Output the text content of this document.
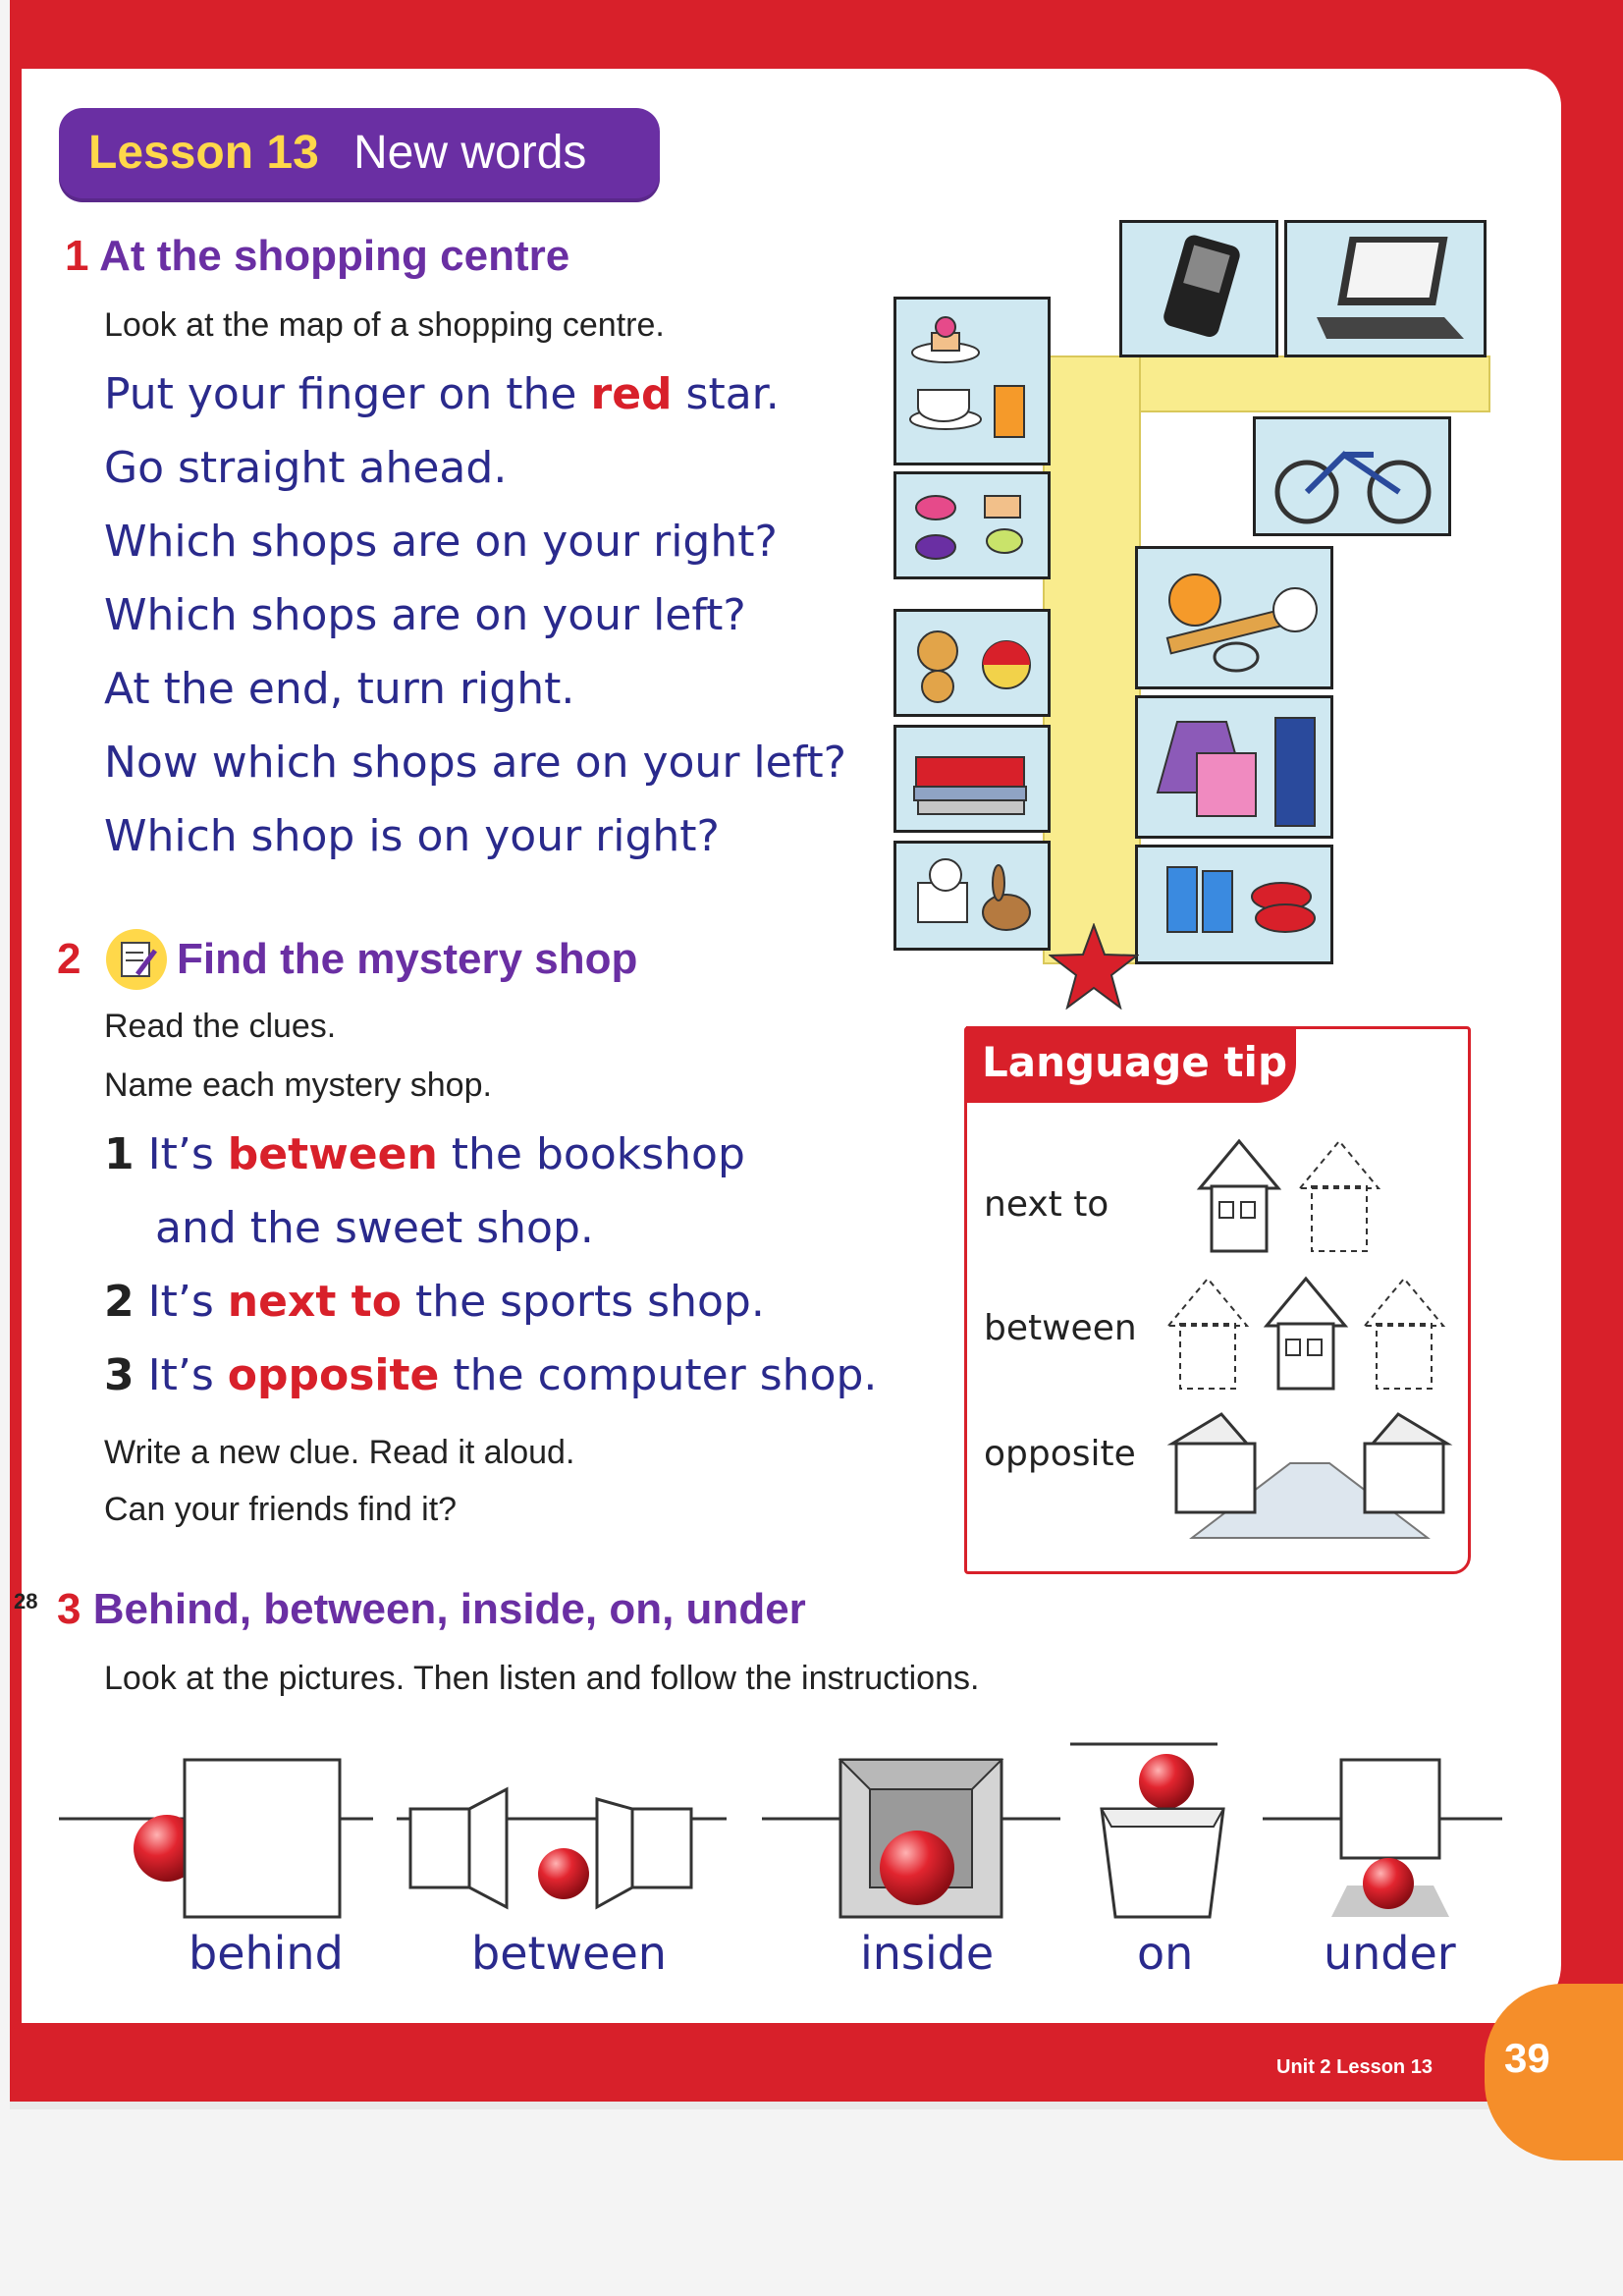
Lesson 13 New words
1 At the shopping centre
Look at the map of a shopping centre.
Put your finger on the red star.
Go straight ahead.
Which shops are on your right?
Which shops are on your left?
At the end, turn right.
Now which shops are on your left?
Which shop is on your right?
2 Find the mystery shop
Read the clues.
Name each mystery shop.
1 It’s between the bookshop
and the sweet shop.
2 It’s next to the sports shop.
3 It’s opposite the computer shop.
Write a new clue. Read it aloud.
Can your friends find it?
Language tip
next to
between
opposite
28 3 Behind, between, inside, on, under
Look at the pictures. Then listen and follow the instructions.
behind	between	inside	on	under
39
Unit 2 Lesson 13
